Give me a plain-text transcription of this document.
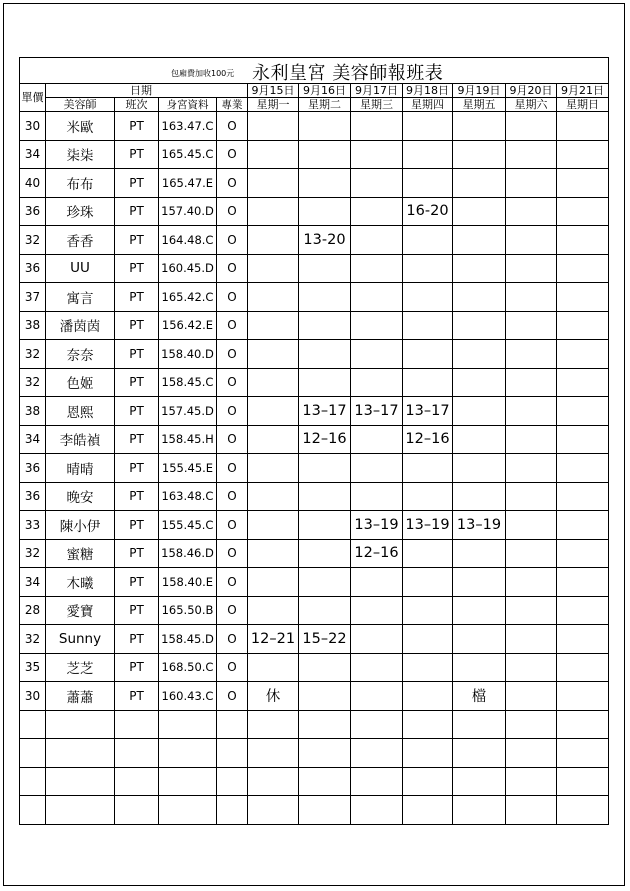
包廂費加收100元 永利皇宮 美容師報班表											

單價	日期				9月15日	9月16日	9月17日	9月18日	9月19日	9月20日	9月21日
	美容師	班次	身宮資料	專業	星期一	星期二	星期三	星期四	星期五	星期六	星期日
30	米歐	PT	163.47.C	O							
34	柒柒	PT	165.45.C	O							
40	布布	PT	165.47.E	O							
36	珍珠	PT	157.40.D	O				16-20			
32	香香	PT	164.48.C	O		13-20					
36	UU	PT	160.45.D	O							
37	寓言	PT	165.42.C	O							
38	潘茵茵	PT	156.42.E	O							
32	奈奈	PT	158.40.D	O							
32	色姬	PT	158.45.C	O							
38	恩熙	PT	157.45.D	O		13–17	13–17	13–17			
34	李皓禎	PT	158.45.H	O		12–16		12–16			
36	晴晴	PT	155.45.E	O							
36	晚安	PT	163.48.C	O							
33	陳小伊	PT	155.45.C	O			13–19	13–19	13–19		
32	蜜糖	PT	158.46.D	O			12–16				
34	木曦	PT	158.40.E	O							
28	愛寶	PT	165.50.B	O							
32	Sunny	PT	158.45.D	O	12–21	15–22					
35	芝芝	PT	168.50.C	O							
30	蕭蕭	PT	160.43.C	O	休				檔		
